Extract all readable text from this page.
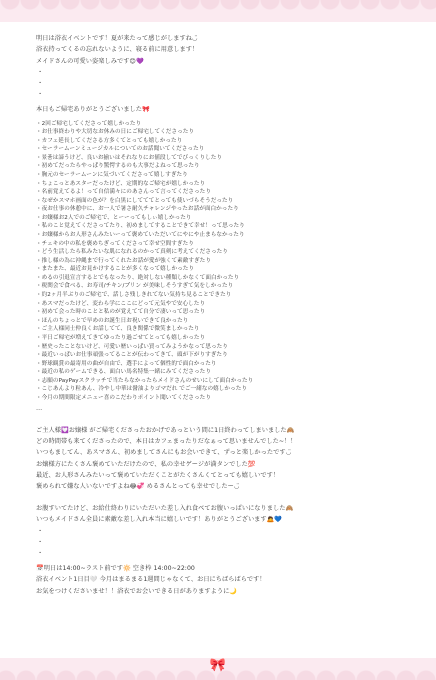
🎀
明日は浴衣イベントです！夏が来たって感じがしますね◡̈
浴衣持ってくるの忘れないように、寝る前に用意します！
メイドさんの可愛い姿楽しみです😊💜
・
・
・
本日もご帰宅ありがとうございました🎀
・2回ご帰宅してくださって嬉しかったり
・お仕事終わりや大切なお休みの日にご帰宅してくださったり
・カフェ延長してくださる方多くてとっても嬉しかったり
・セーラームーンミュージカルについてのお話聞いてくださったり
・景품は諦うけど、良いお揃いはそれなりにお値段してでびっくりしたり
・初めてだったらやっぱり驚愕するのも大事だよねって思ったり
・胸元のセーラームーンに気づいてくださって嬉しすぎたり
・ちょこっとあスターだったけど、定期的なご帰宅が嬉しかったり
・名前覚えてるよ！って自信満々にのあさんって言ってくださったり
・なぜかスマホ画面の色が？を白黒にしてててとっても使いづらそうだったり
・夜お仕事の休憩中に、お一人で暑さ耐久チャレンジやったお話が面白かったり
・お嬢様お2人でのご帰宅で、とーーってもしぃ嬉しかったり
・私のこと覚えてくださってたり、初めましてすることできて幸せ！って思ったり
・お嬢様からお人形さんみたいーって褒めていただいてにやにや止まらなかったり
・チェキの中の私を褒めちぎってくださって幸せ空間すぎたり
・どう生活したら私みたいな肌になれるのかって真剣に考えてくださったり
・推し様の為に沖縄まで行ってくれたお話が愛が強くて素敵すぎたり
・またまた、最近お見かけすることが多くなって嬉しかったり
・めるの引退宣言するとでもなったり、絶対しない種類しかなくて面白かったり
・税関会で食べる、お寿司/チキン/プリン が美味しそうすぎて気をしかったり
・約2ヶ月半ぶりのご帰宅で、話しさ残しきれてない気持ち見ることできたり
・あスマだったけど、変わら学にここにどって元気やで安心したり
・初めて会った時のことと私のが覚えてて自分で凄いって思ったり
・ほんのちょっとで早めのお誕生日お祝いできて良かったり
・ご主人様同士仲良くお話してて、良き関係で微笑ましかったり
・平日ご帰宅が増えてきてゆったり過ごせてとっても嬉しかったり
・歴史ったことないけど、可愛い歴いっぱい買ってみようかなって思ったり
・最近いっぱいお仕事頑張ってることが伝わってきて、頭が下がりすぎたり
・野球観賞の最寄用の曲が自由で、選手によって個性的で面白かったり
・最近の私のゲームできる、面白い馬名特集一緒にみてくださったり
・志願のPayPayスクラッチで当たらなかったらメイドさんのせいにして面白かったり
・こじあんより粒あん、冷やし中華は醤油よりゴマだれ でご一緒なの嬉しかったり
・今月の期間限定メニュー喜のこだわりポイント聞いてくださったり
…
ご主人様💟お嬢様 がご帰宅くださったおかげであっという間に1日終わってしまいました🙈
どの時間帯も来てくださったので、本日はカフェまったりだなぁって思いませんでした~！！
いつもましてん、あスマさん、初めましてさんにもお会いできて、ずっと楽しかったです◡̈
お嬢様方にたくさん褒めていただけたので、私の幸せゲージが満タンでした💯
最近、お人形さんみたいって褒めていただくことがたくさんくてとっても嬉しいです！
褒められて嫌な人いないですよね😂💞 めるさんとっても幸せでしたー◡̈
お腹すいてたけど、お給仕終わりにいただいた差し入れ食べてお腹いっぱいになりました🙈
いつもメイドさん全員に素敵な差し入れ本当に嬉しいです！ありがとうございます🙇💙
・
・
・
📅明日は14:00~ラスト前です🔆 空き枠 14:00~22:00
浴衣イベント1日目🤍 今月はまるまる1週間じゃなくて、お日にちばらばらです！
お気をつけくださいませ！！浴衣でお会いできる日がありますように🌙
